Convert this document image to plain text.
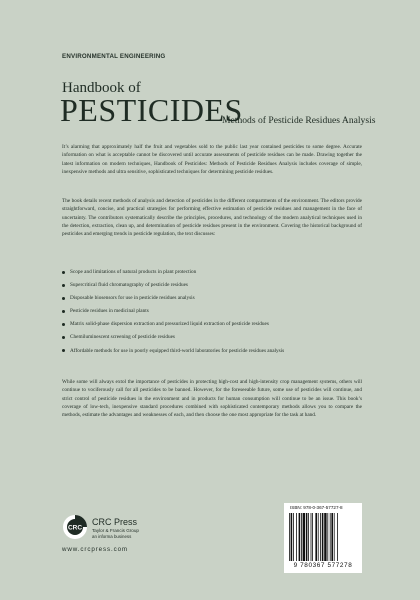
ENVIRONMENTAL ENGINEERING
Handbook of
PESTICIDES
Methods of Pesticide Residues Analysis
It’s alarming that approximately half the fruit and vegetables sold to the public last year contained pesticides to some degree. Accurate information on what is acceptable cannot be discovered until accurate assessments of pesticide residues can be made. Drawing together the latest information on modern techniques, Handbook of Pesticides: Methods of Pesticide Residues Analysis includes coverage of simple, inexpensive methods and ultra sensitive, sophisticated techniques for determining pesticide residues.
The book details recent methods of analysis and detection of pesticides in the different compartments of the environment. The editors provide straightforward, concise, and practical strategies for performing effective estimation of pesticide residues and management in the face of uncertainty. The contributors systematically describe the principles, procedures, and technology of the modern analytical techniques used in the detection, extraction, clean up, and determination of pesticide residues present in the environment. Covering the historical background of pesticides and emerging trends in pesticide regulation, the text discusses:
Scope and limitations of natural products in plant protection
Supercritical fluid chromatography of pesticide residues
Disposable biosensors for use in pesticide residues analysis
Pesticide residues in medicinal plants
Matrix solid-phase dispersion extraction and pressurized liquid extraction of pesticide residues
Chemiluminescent screening of pesticide residues
Affordable methods for use in poorly equipped third-world laboratories for pesticide residues analysis
While some will always extol the importance of pesticides in protecting high-cost and high-intensity crop management systems, others will continue to vociferously call for all pesticides to be banned. However, for the foreseeable future, some use of pesticides will continue, and strict control of pesticide residues in the environment and in products for human consumption will continue to be an issue. This book’s coverage of low-tech, inexpensive standard procedures combined with sophisticated contemporary methods allows you to compare the methods, estimate the advantages and weaknesses of each, and then choose the one most appropriate for the task at hand.
CRC
CRC Press
Taylor & Francis Group
an informa business
www.crcpress.com
ISBN: 978-0-367-57727-8
9 780367 577278
